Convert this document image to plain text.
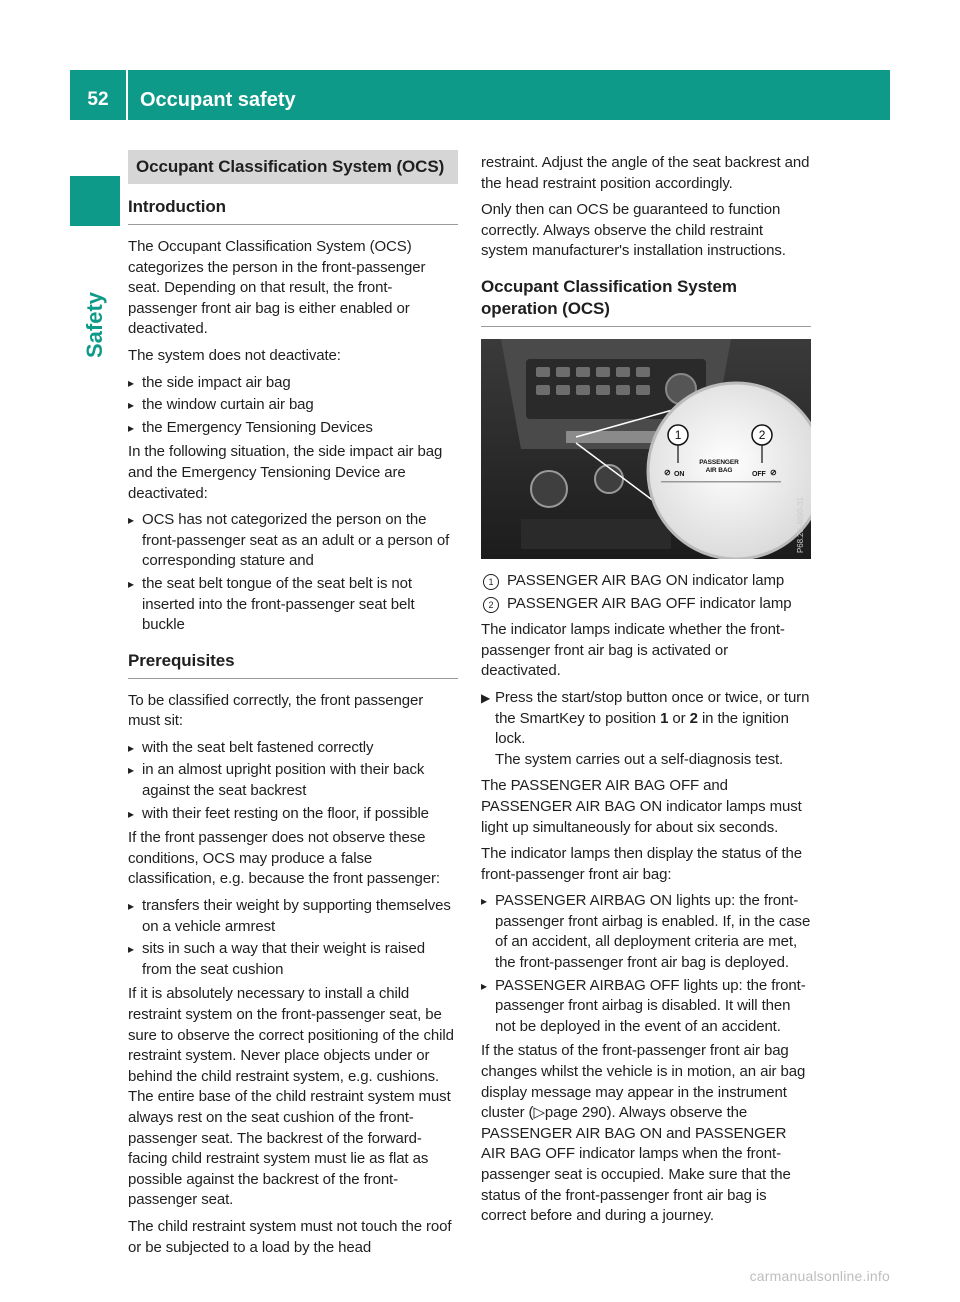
52	Occupant safety
Safety
Occupant Classification System (OCS)
Introduction

The Occupant Classification System (OCS) categorizes the person in the front-passenger seat. Depending on that result, the front-passenger front air bag is either enabled or deactivated.

The system does not deactivate:

▸ the side impact air bag
▸ the window curtain air bag
▸ the Emergency Tensioning Devices

In the following situation, the side impact air bag and the Emergency Tensioning Device are deactivated:

▸ OCS has not categorized the person on the front-passenger seat as an adult or a person of corresponding stature and
▸ the seat belt tongue of the seat belt is not inserted into the front-passenger seat belt buckle
Prerequisites

To be classified correctly, the front passenger must sit:

▸ with the seat belt fastened correctly
▸ in an almost upright position with their back against the seat backrest
▸ with their feet resting on the floor, if possible

If the front passenger does not observe these conditions, OCS may produce a false classification, e.g. because the front passenger:

▸ transfers their weight by supporting themselves on a vehicle armrest
▸ sits in such a way that their weight is raised from the seat cushion

If it is absolutely necessary to install a child restraint system on the front-passenger seat, be sure to observe the correct positioning of the child restraint system. Never place objects under or behind the child restraint system, e.g. cushions. The entire base of the child restraint system must always rest on the seat cushion of the front-passenger seat. The backrest of the forward-facing child restraint system must lie as flat as possible against the backrest of the front-passenger seat.

The child restraint system must not touch the roof or be subjected to a load by the head

restraint. Adjust the angle of the seat backrest and the head restraint position accordingly.

Only then can OCS be guaranteed to function correctly. Always observe the child restraint system manufacturer's installation instructions.

Occupant Classification System operation (OCS)
1	2
⊘ ON
PASSENGER
AIR BAG
OFF ⊘
P68.20-4890-31
1 PASSENGER AIR BAG ON indicator lamp
2 PASSENGER AIR BAG OFF indicator lamp

The indicator lamps indicate whether the front-passenger front air bag is activated or deactivated.

▶ Press the start/stop button once or twice, or turn the SmartKey to position 1 or 2 in the ignition lock.
The system carries out a self-diagnosis test.

The PASSENGER AIR BAG OFF and PASSENGER AIR BAG ON indicator lamps must light up simultaneously for about six seconds.

The indicator lamps then display the status of the front-passenger front air bag:

▸ PASSENGER AIRBAG ON lights up: the front-passenger front airbag is enabled. If, in the case of an accident, all deployment criteria are met, the front-passenger front air bag is deployed.
▸ PASSENGER AIRBAG OFF lights up: the front-passenger front airbag is disabled. It will then not be deployed in the event of an accident.

If the status of the front-passenger front air bag changes whilst the vehicle is in motion, an air bag display message may appear in the instrument cluster (▷page 290). Always observe the PASSENGER AIR BAG ON and PASSENGER AIR BAG OFF indicator lamps when the front-passenger seat is occupied. Make sure that the status of the front-passenger front air bag is correct before and during a journey.

carmanualsonline.info
